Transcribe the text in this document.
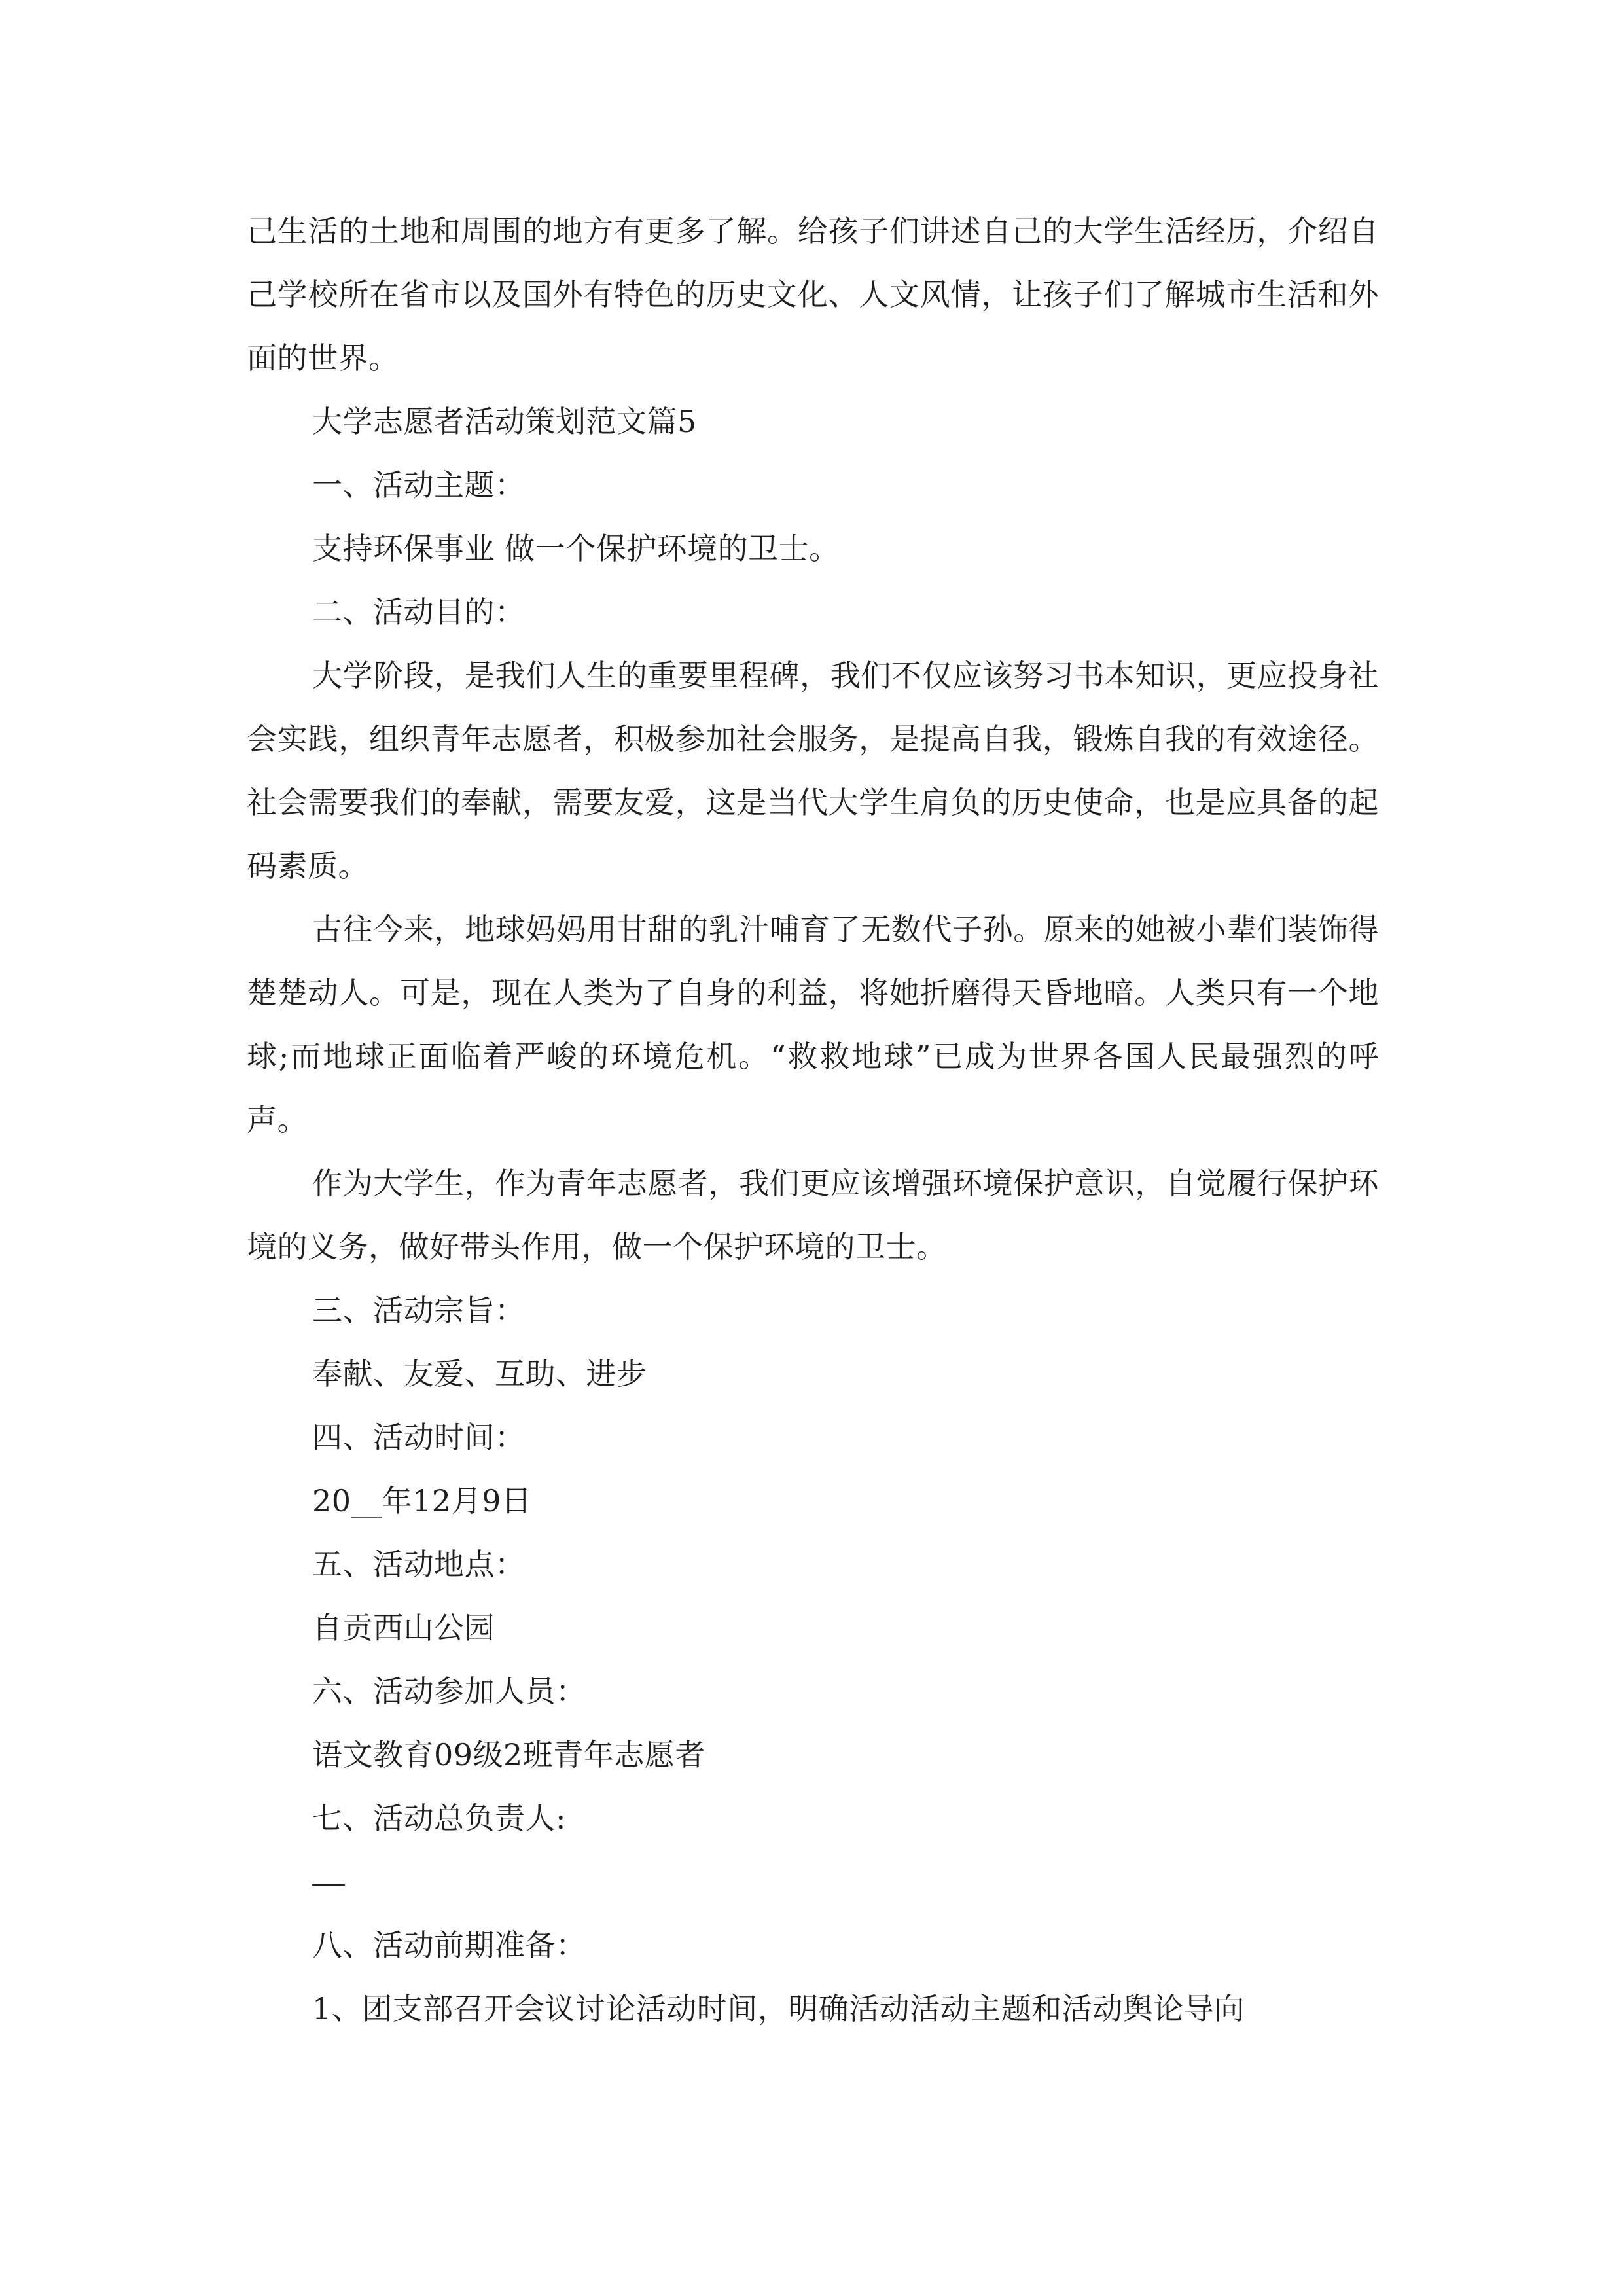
己生活的土地和周围的地方有更多了解。给孩子们讲述自己的大学生活经历，介绍自己学校所在省市以及国外有特色的历史文化、人文风情，让孩子们了解城市生活和外面的世界。

大学志愿者活动策划范文篇5

一、活动主题：

支持环保事业 做一个保护环境的卫士。

二、活动目的：

大学阶段，是我们人生的重要里程碑，我们不仅应该努习书本知识，更应投身社会实践，组织青年志愿者，积极参加社会服务，是提高自我，锻炼自我的有效途径。社会需要我们的奉献，需要友爱，这是当代大学生肩负的历史使命，也是应具备的起码素质。

古往今来，地球妈妈用甘甜的乳汁哺育了无数代子孙。原来的她被小辈们装饰得楚楚动人。可是，现在人类为了自身的利益，将她折磨得天昏地暗。人类只有一个地球;而地球正面临着严峻的环境危机。“救救地球”已成为世界各国人民最强烈的呼声。

作为大学生，作为青年志愿者，我们更应该增强环境保护意识，自觉履行保护环境的义务，做好带头作用，做一个保护环境的卫士。

三、活动宗旨：

奉献、友爱、互助、进步

四、活动时间：

20__年12月9日

五、活动地点：

自贡西山公园

六、活动参加人员：

语文教育09级2班青年志愿者

七、活动总负责人:

八、活动前期准备：

1、团支部召开会议讨论活动时间，明确活动活动主题和活动舆论导向
